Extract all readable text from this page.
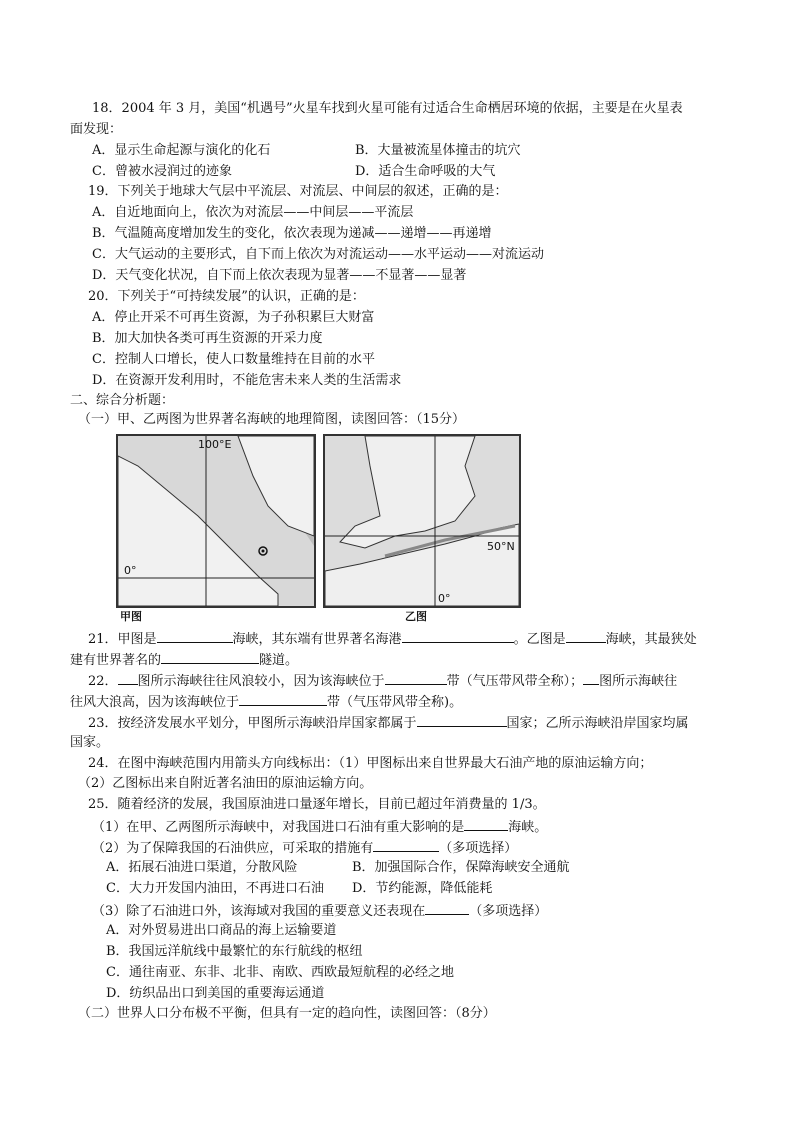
18．2004 年 3 月，美国“机遇号”火星车找到火星可能有过适合生命栖居环境的依据，主要是在火星表
面发现：
A．显示生命起源与演化的化石	B．大量被流星体撞击的坑穴
C．曾被水浸润过的迹象	D．适合生命呼吸的大气
19．下列关于地球大气层中平流层、对流层、中间层的叙述，正确的是：
A．自近地面向上，依次为对流层——中间层——平流层
B．气温随高度增加发生的变化，依次表现为递减——递增——再递增
C．大气运动的主要形式，自下而上依次为对流运动——水平运动——对流运动
D．天气变化状况，自下而上依次表现为显著——不显著——显著
20．下列关于“可持续发展”的认识，正确的是：
A．停止开采不可再生资源，为子孙积累巨大财富
B．加大加快各类可再生资源的开采力度
C．控制人口增长，使人口数量维持在目前的水平
D．在资源开发利用时，不能危害未来人类的生活需求
二、综合分析题：
（一）甲、乙两图为世界著名海峡的地理简图，读图回答：（15分）
100°E
0°
甲图
50°N
0°
乙图
21．甲图是	海峡，其东端有世界著名海港	。乙图是	海峡，其最狭处
建有世界著名的	隧道。
22． 图所示海峡往往风浪较小，因为该海峡位于	带（气压带风带全称）； 图所示海峡往
往风大浪高，因为该海峡位于	带（气压带风带全称)。
23．按经济发展水平划分，甲图所示海峡沿岸国家都属于	国家；乙所示海峡沿岸国家均属
国家。
24．在图中海峡范围内用箭头方向线标出：（1）甲图标出来自世界最大石油产地的原油运输方向；
（2）乙图标出来自附近著名油田的原油运输方向。
25．随着经济的发展，我国原油进口量逐年增长，目前已超过年消费量的 1/3。
（1）在甲、乙两图所示海峡中，对我国进口石油有重大影响的是	海峡。
（2）为了保障我国的石油供应，可采取的措施有	（多项选择）
A．拓展石油进口渠道，分散风险	B．加强国际合作，保障海峡安全通航
C．大力开发国内油田，不再进口石油 D．节约能源，降低能耗
（3）除了石油进口外，该海域对我国的重要意义还表现在	（多项选择）
A．对外贸易进出口商品的海上运输要道
B．我国远洋航线中最繁忙的东行航线的枢纽
C．通往南亚、东非、北非、南欧、西欧最短航程的必经之地
D．纺织品出口到美国的重要海运通道
（二）世界人口分布极不平衡，但具有一定的趋向性，读图回答：（8分）
